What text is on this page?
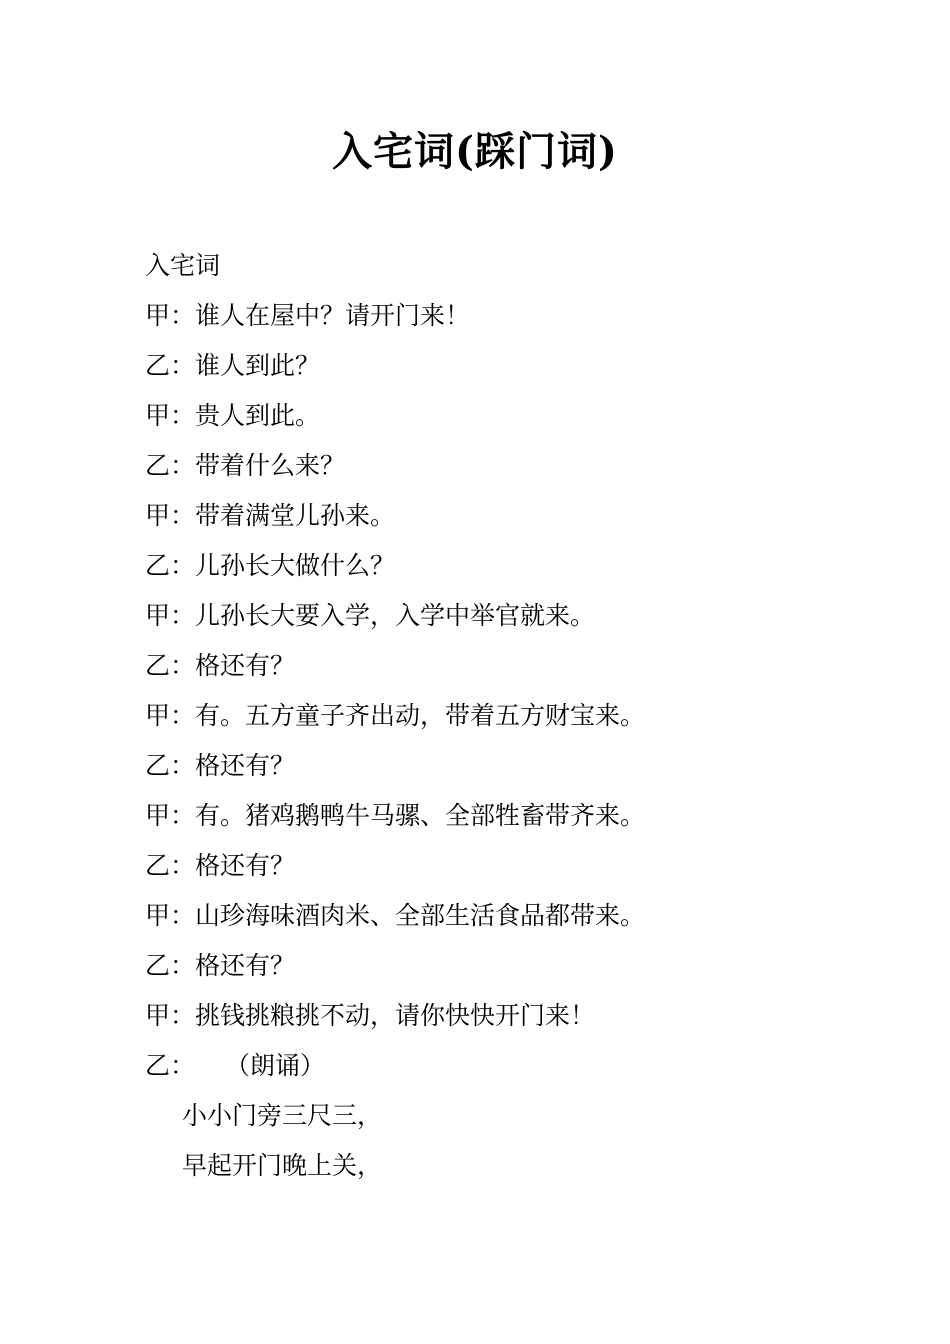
入宅词(踩门词)
入宅词
甲：谁人在屋中？请开门来！
乙：谁人到此？
甲：贵人到此。
乙：带着什么来？
甲：带着满堂儿孙来。
乙：儿孙长大做什么？
甲：儿孙长大要入学，入学中举官就来。
乙：格还有？
甲：有。五方童子齐出动，带着五方财宝来。
乙：格还有？
甲：有。猪鸡鹅鸭牛马骡、全部牲畜带齐来。
乙：格还有？
甲：山珍海味酒肉米、全部生活食品都带来。
乙：格还有？
甲：挑钱挑粮挑不动，请你快快开门来！
乙： （朗诵）
小小门旁三尺三，
早起开门晚上关，
